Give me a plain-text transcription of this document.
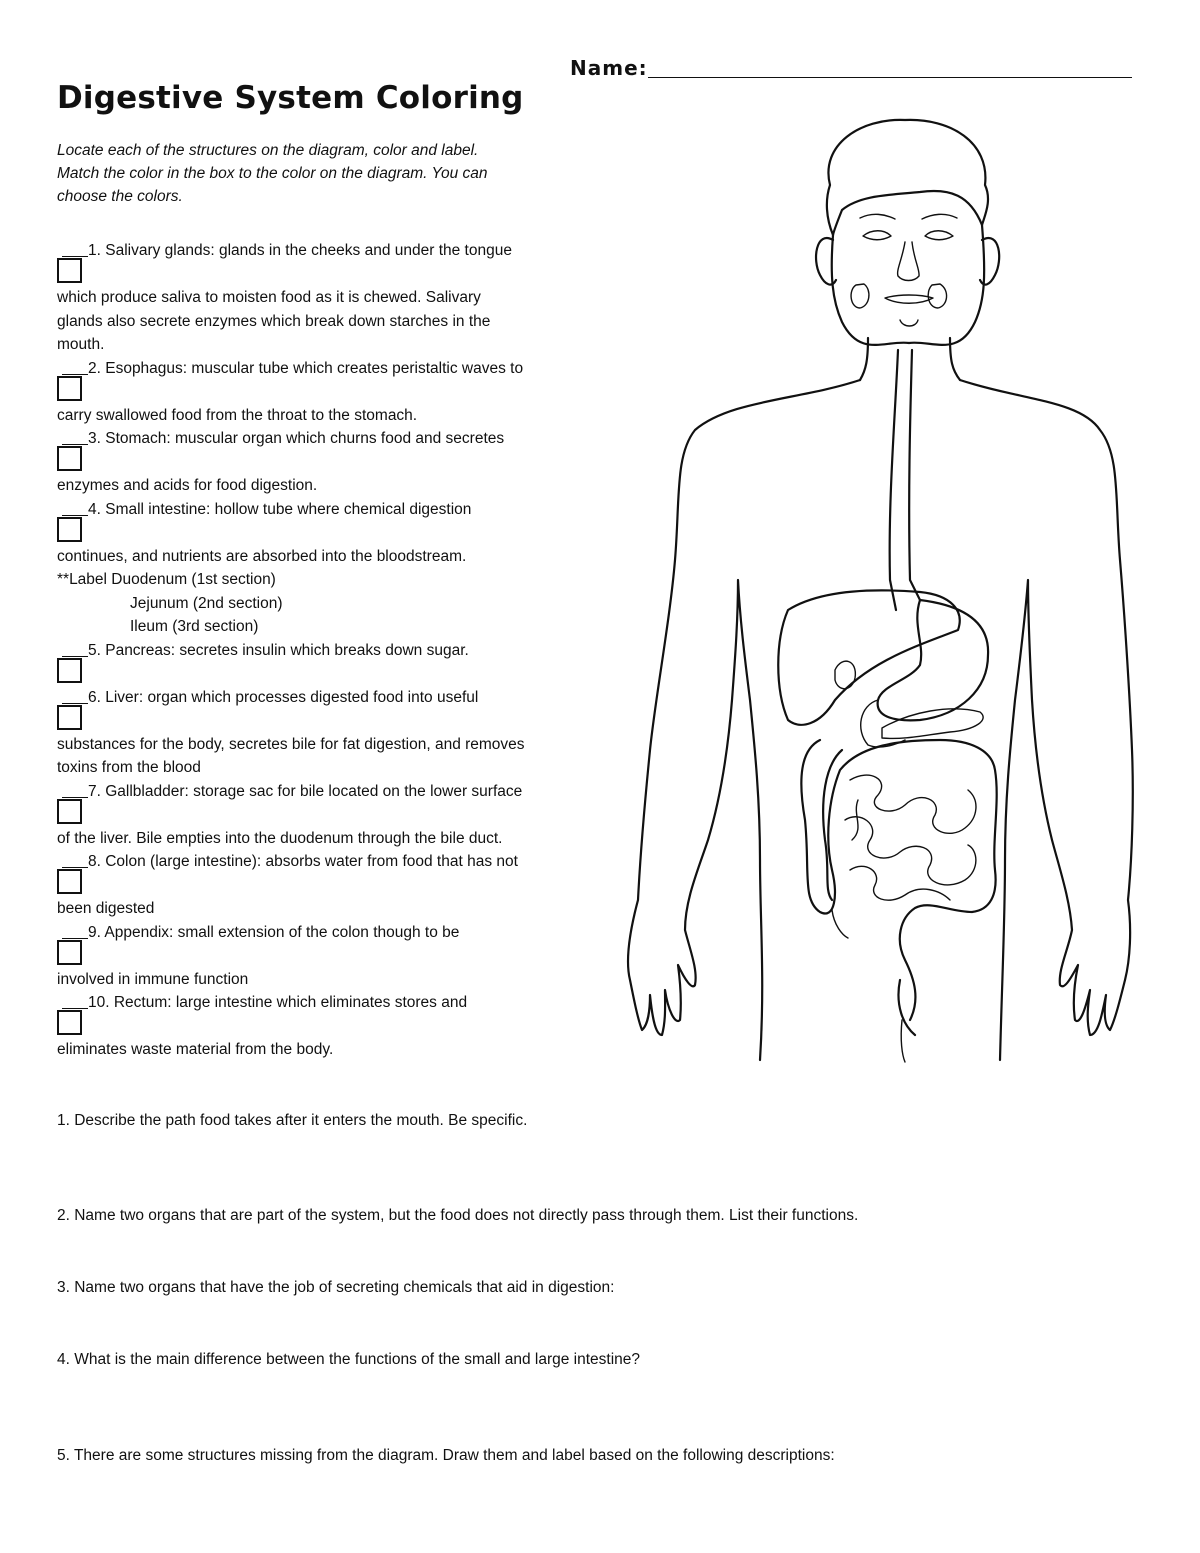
Name:
Digestive System Coloring
Locate each of the structures on the diagram, color and label.
Match the color in the box to the color on the diagram. You can
choose the colors.
1. Salivary glands: glands in the cheeks and under the tongue
which produce saliva to moisten food as it is chewed. Salivary
glands also secrete enzymes which break down starches in the
mouth.
2. Esophagus: muscular tube which creates peristaltic waves to
carry swallowed food from the throat to the stomach.
3. Stomach: muscular organ which churns food and secretes
enzymes and acids for food digestion.
4. Small intestine: hollow tube where chemical digestion
continues, and nutrients are absorbed into the bloodstream.
**Label Duodenum (1st section)
Jejunum (2nd section)
Ileum (3rd section)
5. Pancreas: secretes insulin which breaks down sugar.
6. Liver: organ which processes digested food into useful
substances for the body, secretes bile for fat digestion, and removes
toxins from the blood
7. Gallbladder: storage sac for bile located on the lower surface
of the liver. Bile empties into the duodenum through the bile duct.
8. Colon (large intestine): absorbs water from food that has not
been digested
9. Appendix: small extension of the colon though to be
involved in immune function
10. Rectum: large intestine which eliminates stores and
eliminates waste material from the body.
1. Describe the path food takes after it enters the mouth. Be specific.
2. Name two organs that are part of the system, but the food does not directly pass through them. List their functions.
3. Name two organs that have the job of secreting chemicals that aid in digestion:
4. What is the main difference between the functions of the small and large intestine?
5. There are some structures missing from the diagram. Draw them and label based on the following descriptions:
